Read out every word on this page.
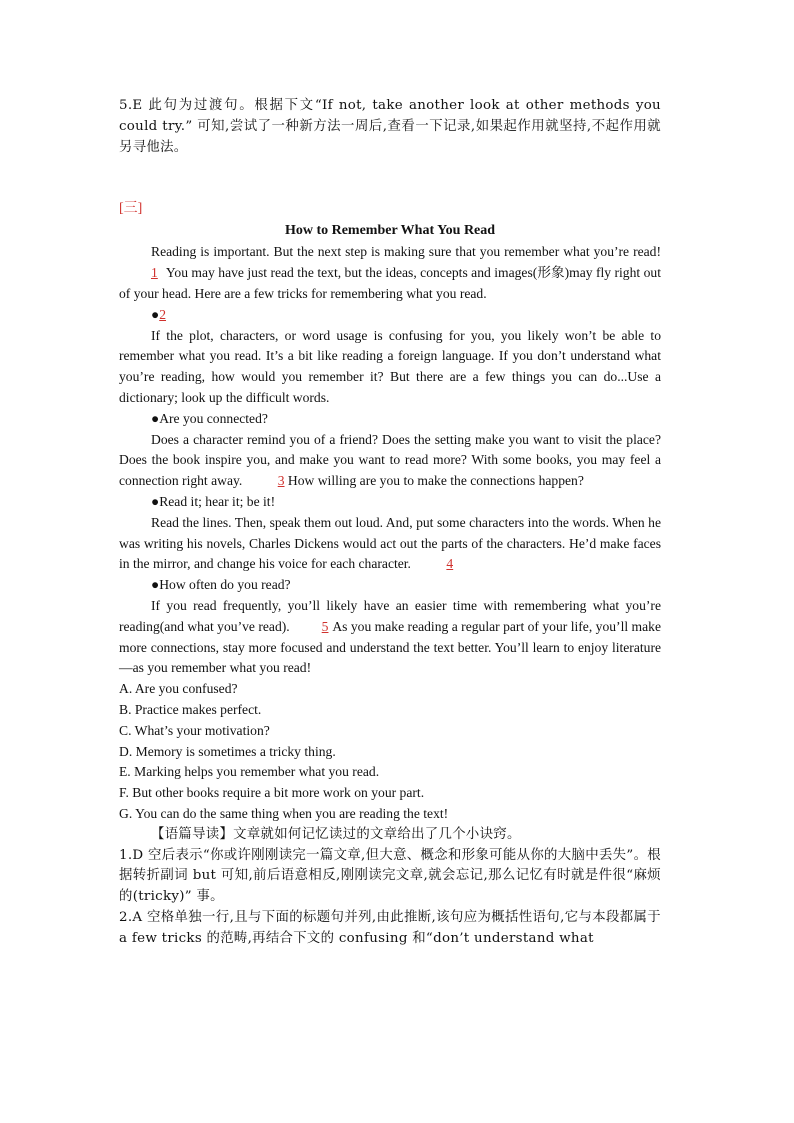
5.E 此句为过渡句。根据下文“If not, take another look at other methods you could try.” 可知,尝试了一种新方法一周后,查看一下记录,如果起作用就坚持,不起作用就另寻他法。

[三]

How to Remember What You Read

Reading is important. But the next step is making sure that you remember what you’re read!1 You may have just read the text, but the ideas, concepts and images(形象)may fly right out of your head. Here are a few tricks for remembering what you read.

●2

If the plot, characters, or word usage is confusing for you, you likely won’t be able to remember what you read. It’s a bit like reading a foreign language. If you don’t understand what you’re reading, how would you remember it? But there are a few things you can do...Use a dictionary; look up the difficult words.

●Are you connected?

Does a character remind you of a friend? Does the setting make you want to visit the place? Does the book inspire you, and make you want to read more? With some books, you may feel a connection right away.	3 How willing are you to make the connections happen?

●Read it; hear it; be it!

Read the lines. Then, speak them out loud. And, put some characters into the words. When he was writing his novels, Charles Dickens would act out the parts of the characters. He’d make faces in the mirror, and change his voice for each character.	4

●How often do you read?

If you read frequently, you’ll likely have an easier time with remembering what you’re reading(and what you’ve read). 5 As you make reading a regular part of your life, you’ll make more connections, stay more focused and understand the text better. You’ll learn to enjoy literature —as you remember what you read!

A. Are you confused?

B. Practice makes perfect.

C. What’s your motivation?

D. Memory is sometimes a tricky thing.

E. Marking helps you remember what you read.

F. But other books require a bit more work on your part.

G. You can do the same thing when you are reading the text!

【语篇导读】文章就如何记忆读过的文章给出了几个小诀窍。

1.D 空后表示“你或许刚刚读完一篇文章,但大意、概念和形象可能从你的大脑中丢失”。根据转折副词 but 可知,前后语意相反,刚刚读完文章,就会忘记,那么记忆有时就是件很“麻烦的(tricky)” 事。

2.A 空格单独一行,且与下面的标题句并列,由此推断,该句应为概括性语句,它与本段都属于 a few tricks 的范畴,再结合下文的 confusing 和“don’t understand what
